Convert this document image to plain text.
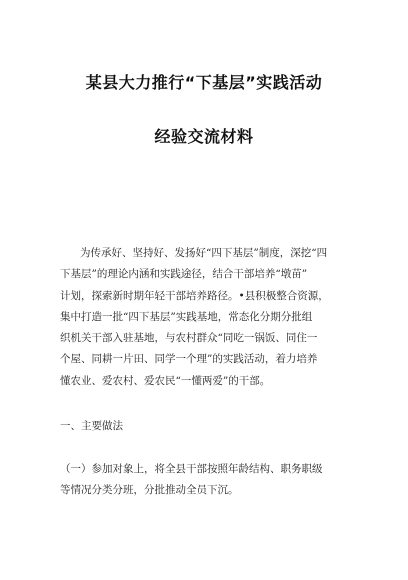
某县大力推行“下基层”实践活动
经验交流材料
为传承好、坚持好、发扬好“四下基层”制度，深挖“四
下基层”的理论内涵和实践途径，结合干部培养“墩苗”
计划，探索新时期年轻干部培养路径。•县积极整合资源，
集中打造一批“四下基层”实践基地，常态化分期分批组
织机关干部入驻基地，与农村群众“同吃一锅饭、同住一
个屋、同耕一片田、同学一个理”的实践活动，着力培养
懂农业、爱农村、爱农民“一懂两爱”的干部。
一、主要做法
（一）参加对象上，将全县干部按照年龄结构、职务职级
等情况分类分班，分批推动全员下沉。
